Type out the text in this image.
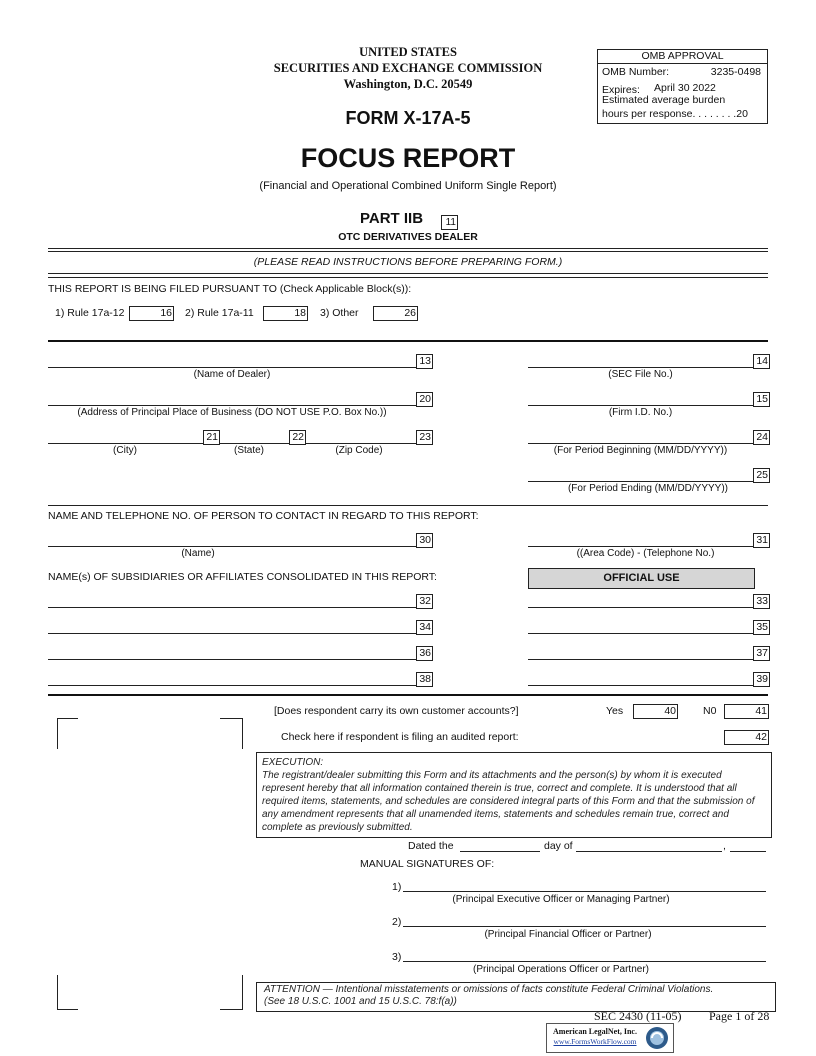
UNITED STATES
SECURITIES AND EXCHANGE COMMISSION
Washington, D.C. 20549
FORM X-17A-5
FOCUS REPORT
(Financial and Operational Combined Uniform Single Report)
PART IIB	11
OTC DERIVATIVES DEALER
OMB APPROVAL
OMB Number:	3235-0498
Expires: April 30 2022
Estimated average burden
hours per response. . . . . . . .20
(PLEASE READ INSTRUCTIONS BEFORE PREPARING FORM.)
THIS REPORT IS BEING FILED PURSUANT TO (Check Applicable Block(s)):
1) Rule 17a-12	16 2) Rule 17a-11	18 3) Other	26
13
(Name of Dealer)
14
(SEC File No.)
20
(Address of Principal Place of Business (DO NOT USE P.O. Box No.))
15
(Firm I.D. No.)
21	22	23
(City)	(State)	(Zip Code)
24
(For Period Beginning (MM/DD/YYYY))
25
(For Period Ending (MM/DD/YYYY))
NAME AND TELEPHONE NO. OF PERSON TO CONTACT IN REGARD TO THIS REPORT:
30
(Name)
31
((Area Code) - (Telephone No.)
NAME(s) OF SUBSIDIARIES OR AFFILIATES CONSOLIDATED IN THIS REPORT:	OFFICIAL USE
32	33
34	35
36	37
38	39
[Does respondent carry its own customer accounts?]	Yes	40	N0	41
Check here if respondent is filing an audited report:	42
EXECUTION:
The registrant/dealer submitting this Form and its attachments and the person(s) by whom it is executed represent hereby that all information contained therein is true, correct and complete. It is understood that all required items, statements, and schedules are considered integral parts of this Form and that the submission of any amendment represents that all unamended items, statements and schedules remain true, correct and complete as previously submitted.
Dated the	day of	,
MANUAL SIGNATURES OF:
1)
(Principal Executive Officer or Managing Partner)
2)
(Principal Financial Officer or Partner)
3)
(Principal Operations Officer or Partner)
ATTENTION — Intentional misstatements or omissions of facts constitute Federal Criminal Violations.
(See 18 U.S.C. 1001 and 15 U.S.C. 78:f(a))
SEC 2430 (11-05) Page 1 of 28
American LegalNet, Inc.
www.FormsWorkFlow.com
